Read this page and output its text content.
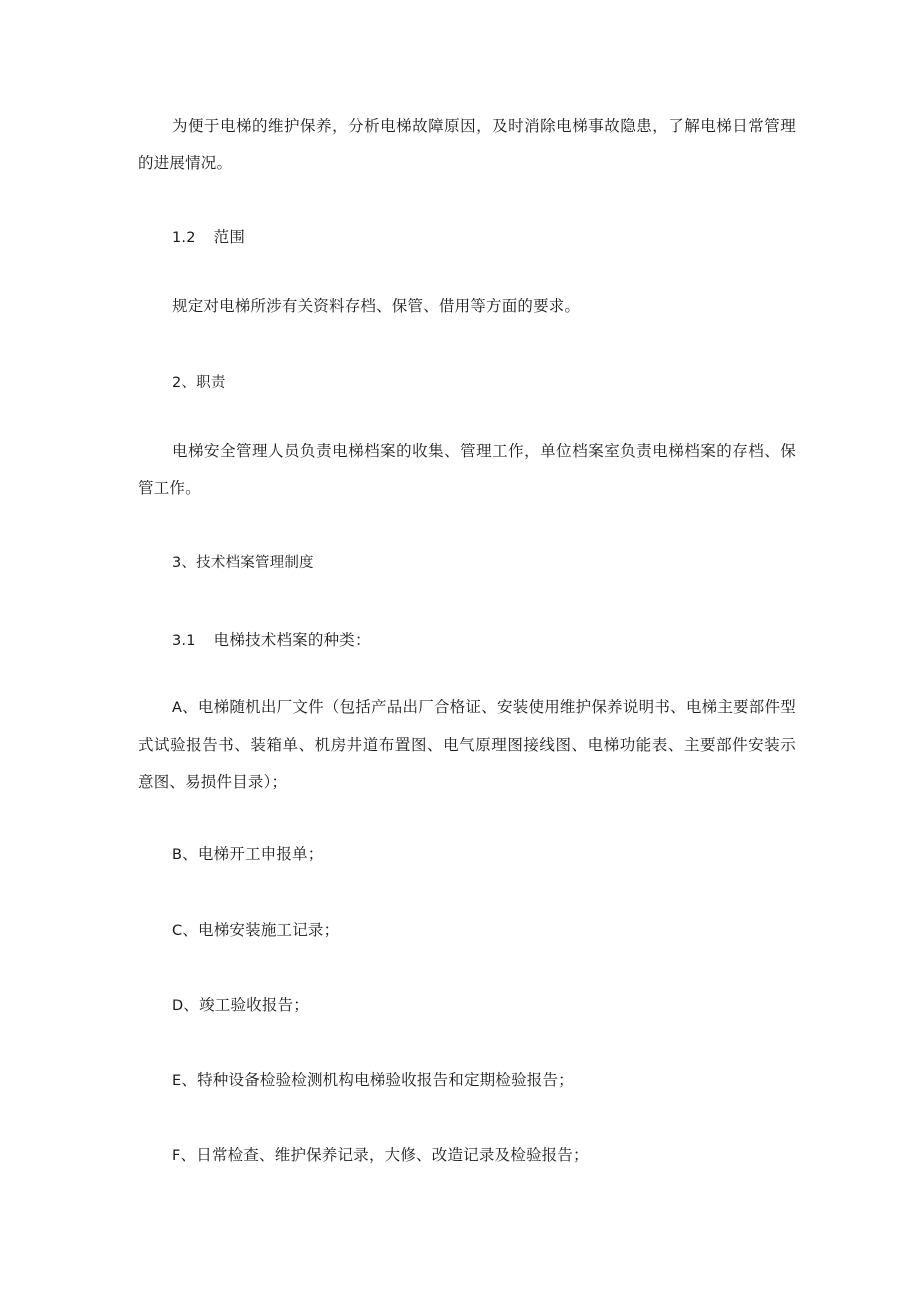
为便于电梯的维护保养，分析电梯故障原因，及时消除电梯事故隐患，了解电梯日常管理的进展情况。

1.2 范围

规定对电梯所涉有关资料存档、保管、借用等方面的要求。

2、职责

电梯安全管理人员负责电梯档案的收集、管理工作，单位档案室负责电梯档案的存档、保管工作。

3、技术档案管理制度

3.1 电梯技术档案的种类：

A、电梯随机出厂文件（包括产品出厂合格证、安装使用维护保养说明书、电梯主要部件型式试验报告书、装箱单、机房井道布置图、电气原理图接线图、电梯功能表、主要部件安装示意图、易损件目录）；

B、电梯开工申报单；

C、电梯安装施工记录；

D、竣工验收报告；

E、特种设备检验检测机构电梯验收报告和定期检验报告；

F、日常检查、维护保养记录，大修、改造记录及检验报告；
